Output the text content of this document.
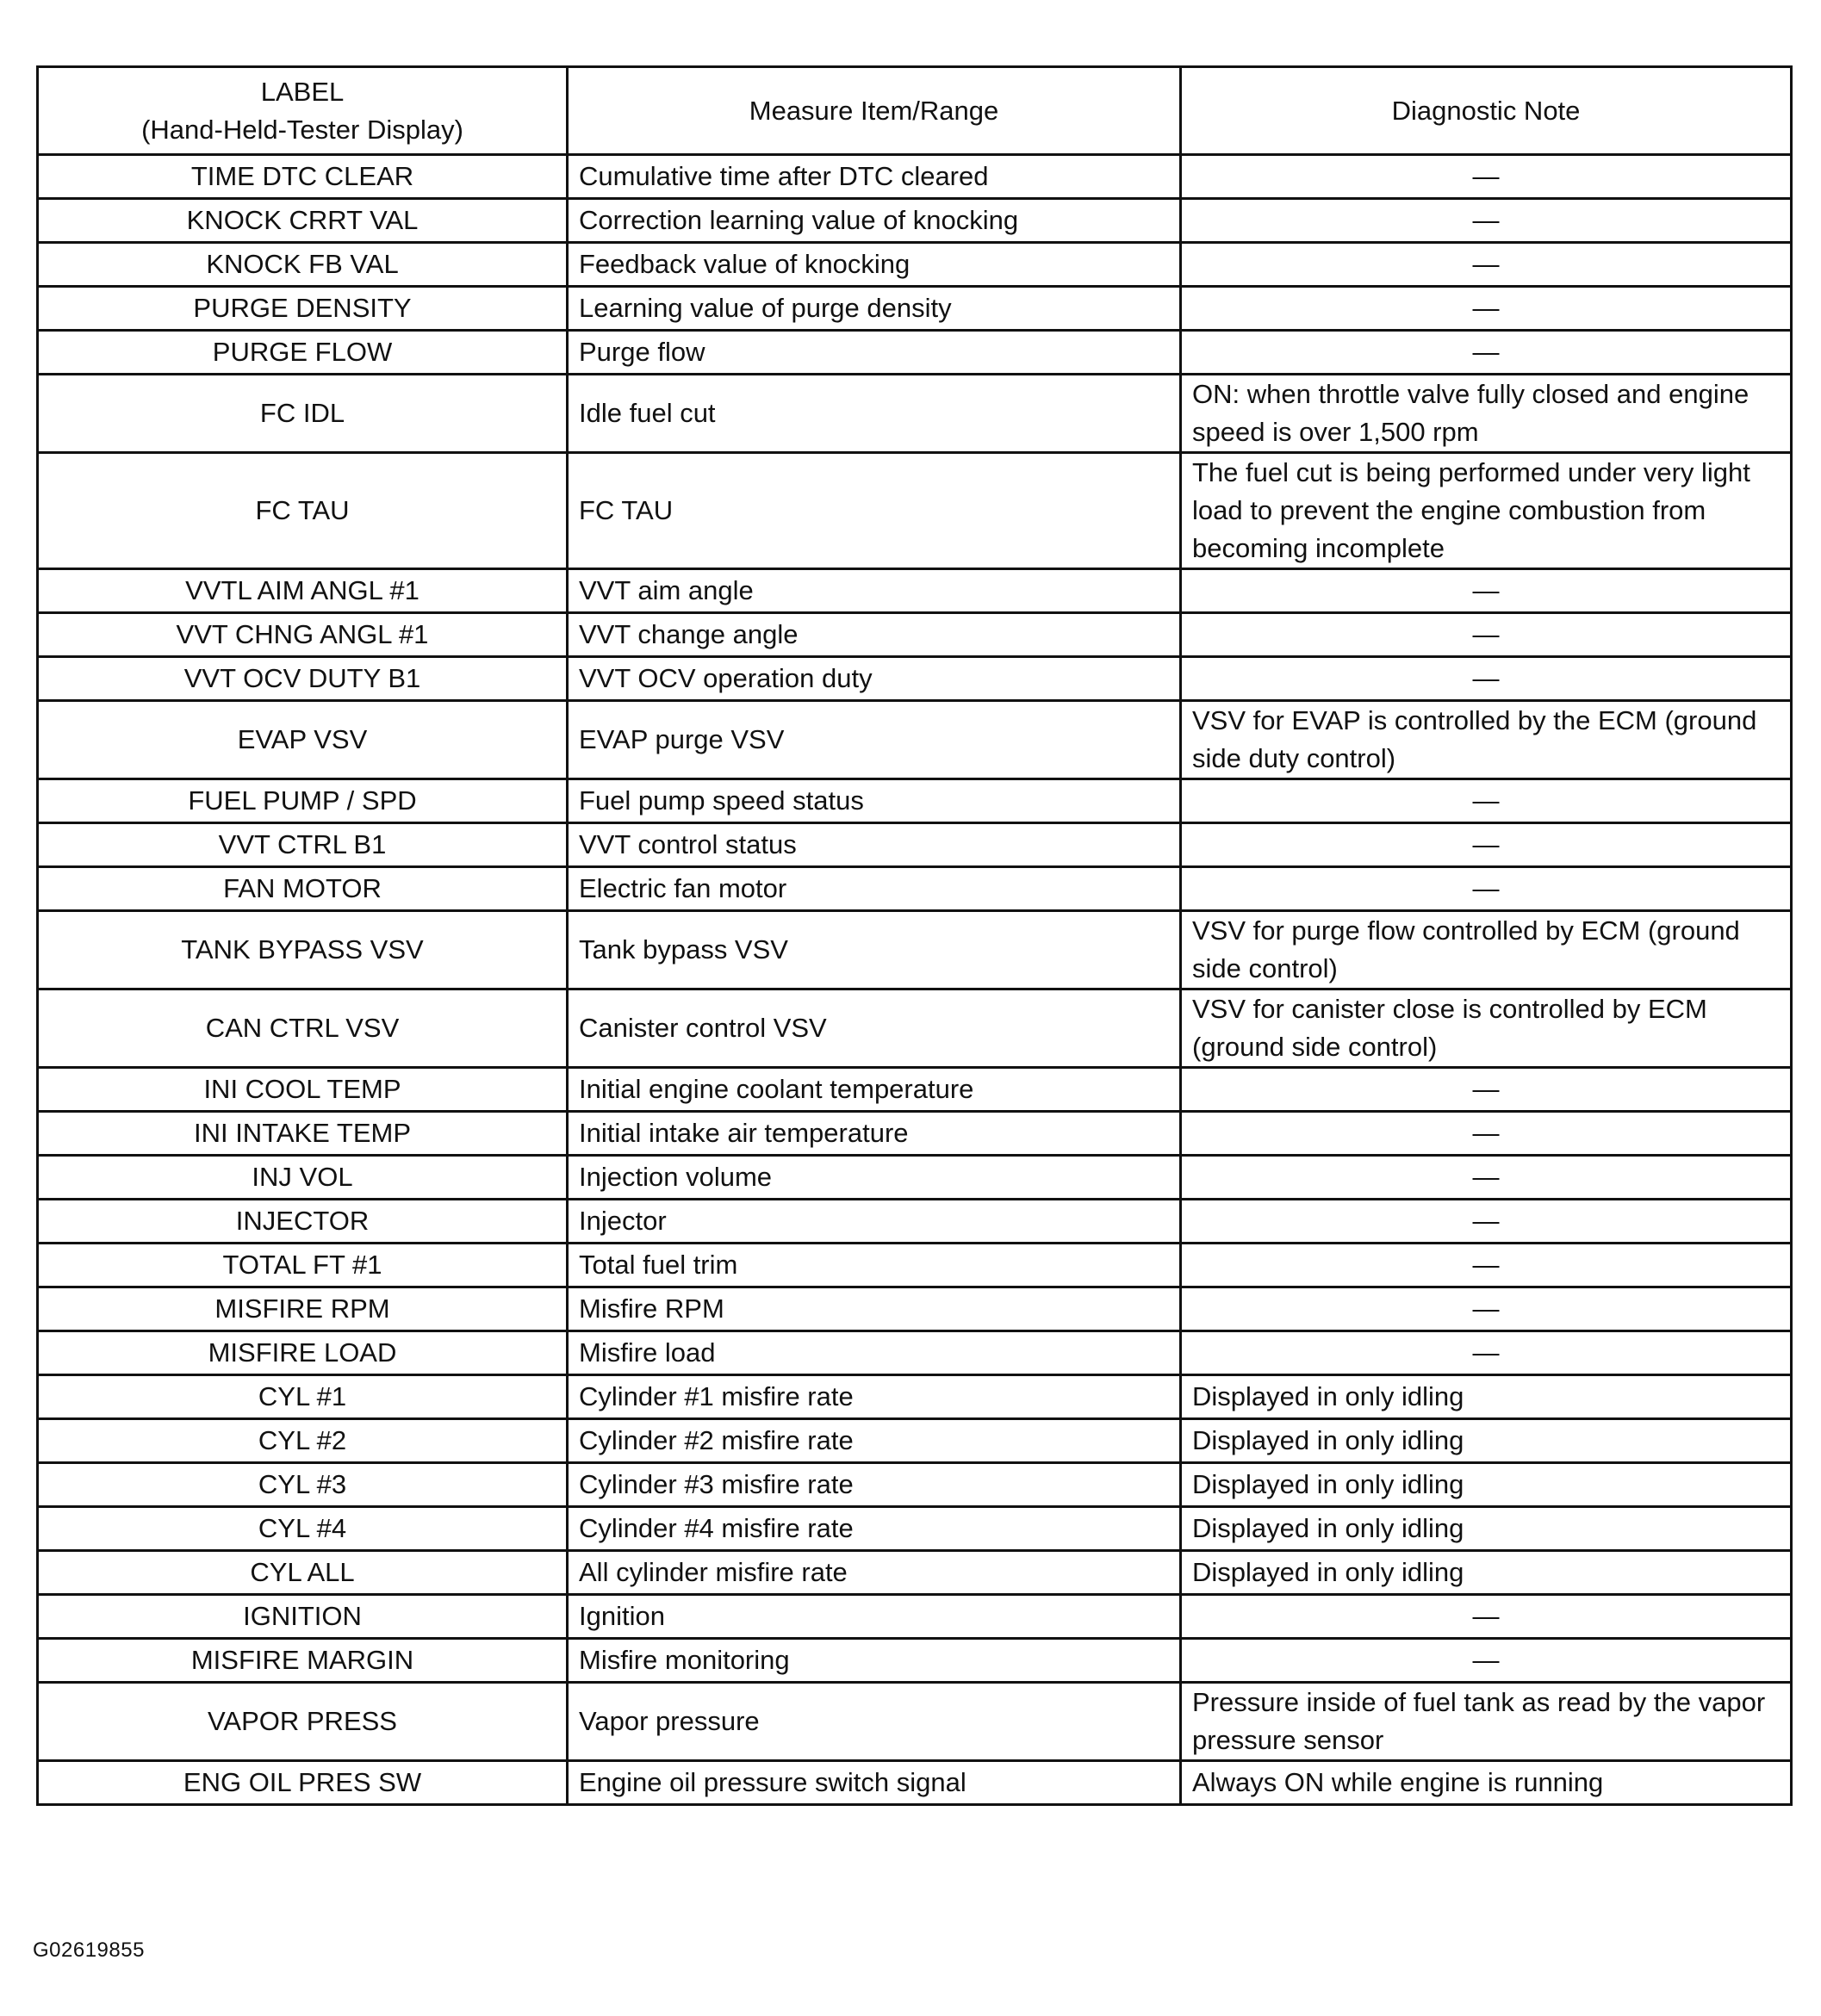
LABEL
(Hand-Held-Tester Display)	Measure Item/Range	Diagnostic Note
TIME DTC CLEAR	Cumulative time after DTC cleared	—
KNOCK CRRT VAL	Correction learning value of knocking	—
KNOCK FB VAL	Feedback value of knocking	—
PURGE DENSITY	Learning value of purge density	—
PURGE FLOW	Purge flow	—
FC IDL	Idle fuel cut	ON: when throttle valve fully closed and engine speed is over 1,500 rpm
FC TAU	FC TAU	The fuel cut is being performed under very light load to prevent the engine combustion from becoming incomplete
VVTL AIM ANGL #1	VVT aim angle	—
VVT CHNG ANGL #1	VVT change angle	—
VVT OCV DUTY B1	VVT OCV operation duty	—
EVAP VSV	EVAP purge VSV	VSV for EVAP is controlled by the ECM (ground side duty control)
FUEL PUMP / SPD	Fuel pump speed status	—
VVT CTRL B1	VVT control status	—
FAN MOTOR	Electric fan motor	—
TANK BYPASS VSV	Tank bypass VSV	VSV for purge flow controlled by ECM (ground side control)
CAN CTRL VSV	Canister control VSV	VSV for canister close is controlled by ECM (ground side control)
INI COOL TEMP	Initial engine coolant temperature	—
INI INTAKE TEMP	Initial intake air temperature	—
INJ VOL	Injection volume	—
INJECTOR	Injector	—
TOTAL FT #1	Total fuel trim	—
MISFIRE RPM	Misfire RPM	—
MISFIRE LOAD	Misfire load	—
CYL #1	Cylinder #1 misfire rate	Displayed in only idling
CYL #2	Cylinder #2 misfire rate	Displayed in only idling
CYL #3	Cylinder #3 misfire rate	Displayed in only idling
CYL #4	Cylinder #4 misfire rate	Displayed in only idling
CYL ALL	All cylinder misfire rate	Displayed in only idling
IGNITION	Ignition	—
MISFIRE MARGIN	Misfire monitoring	—
VAPOR PRESS	Vapor pressure	Pressure inside of fuel tank as read by the vapor pressure sensor
ENG OIL PRES SW	Engine oil pressure switch signal	Always ON while engine is running
G02619855
